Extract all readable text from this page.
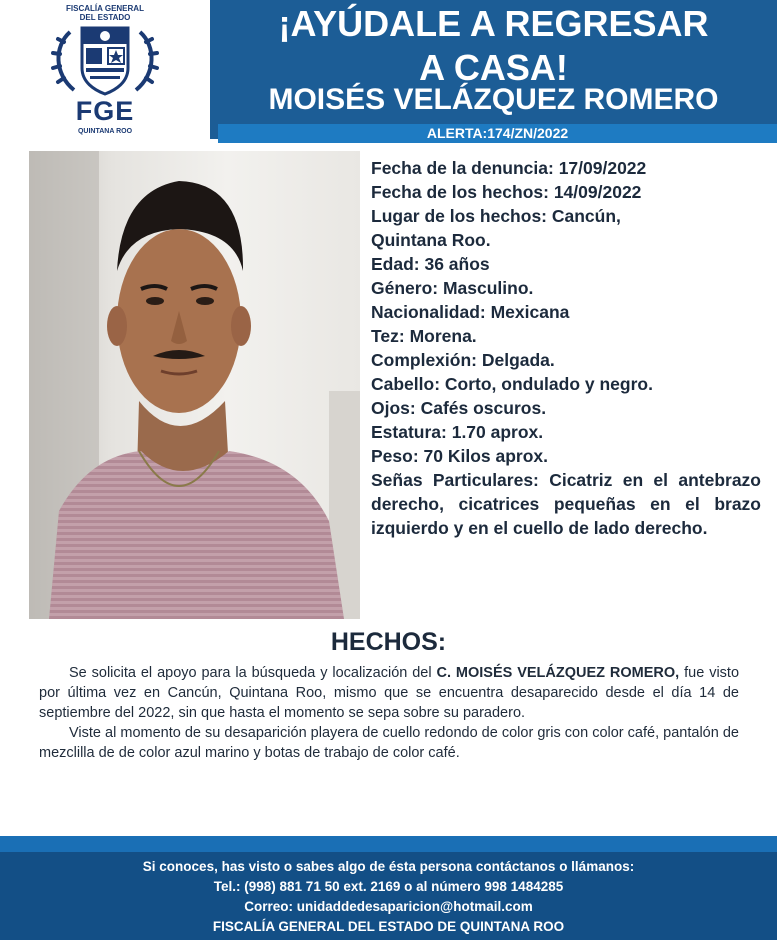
FISCALÍA GENERAL
DEL ESTADO
FGE
QUINTANA ROO
¡AYÚDALE A REGRESAR
A CASA!
MOISÉS VELÁZQUEZ ROMERO
ALERTA:174/ZN/2022
Fecha de la denuncia: 17/09/2022
Fecha de los hechos: 14/09/2022
Lugar de los hechos: Cancún,
Quintana Roo.
Edad: 36 años
Género: Masculino.
Nacionalidad: Mexicana
Tez: Morena.
Complexión: Delgada.
Cabello: Corto, ondulado y negro.
Ojos: Cafés oscuros.
Estatura: 1.70 aprox.
Peso: 70 Kilos aprox.
Señas Particulares: Cicatriz en el antebrazo derecho, cicatrices pequeñas en el brazo izquierdo y en el cuello de lado derecho.
HECHOS:

Se solicita el apoyo para la búsqueda y localización del C. MOISÉS VELÁZQUEZ ROMERO, fue visto por última vez en Cancún, Quintana Roo, mismo que se encuentra desaparecido desde el día 14 de septiembre del 2022, sin que hasta el momento se sepa sobre su paradero.

Viste al momento de su desaparición playera de cuello redondo de color gris con color café, pantalón de mezclilla de de color azul marino y botas de trabajo de color café.

Si conoces, has visto o sabes algo de ésta persona contáctanos o llámanos:
Tel.: (998) 881 71 50 ext. 2169 o al número 998 1484285
Correo: unidaddedesaparicion@hotmail.com
FISCALÍA GENERAL DEL ESTADO DE QUINTANA ROO
